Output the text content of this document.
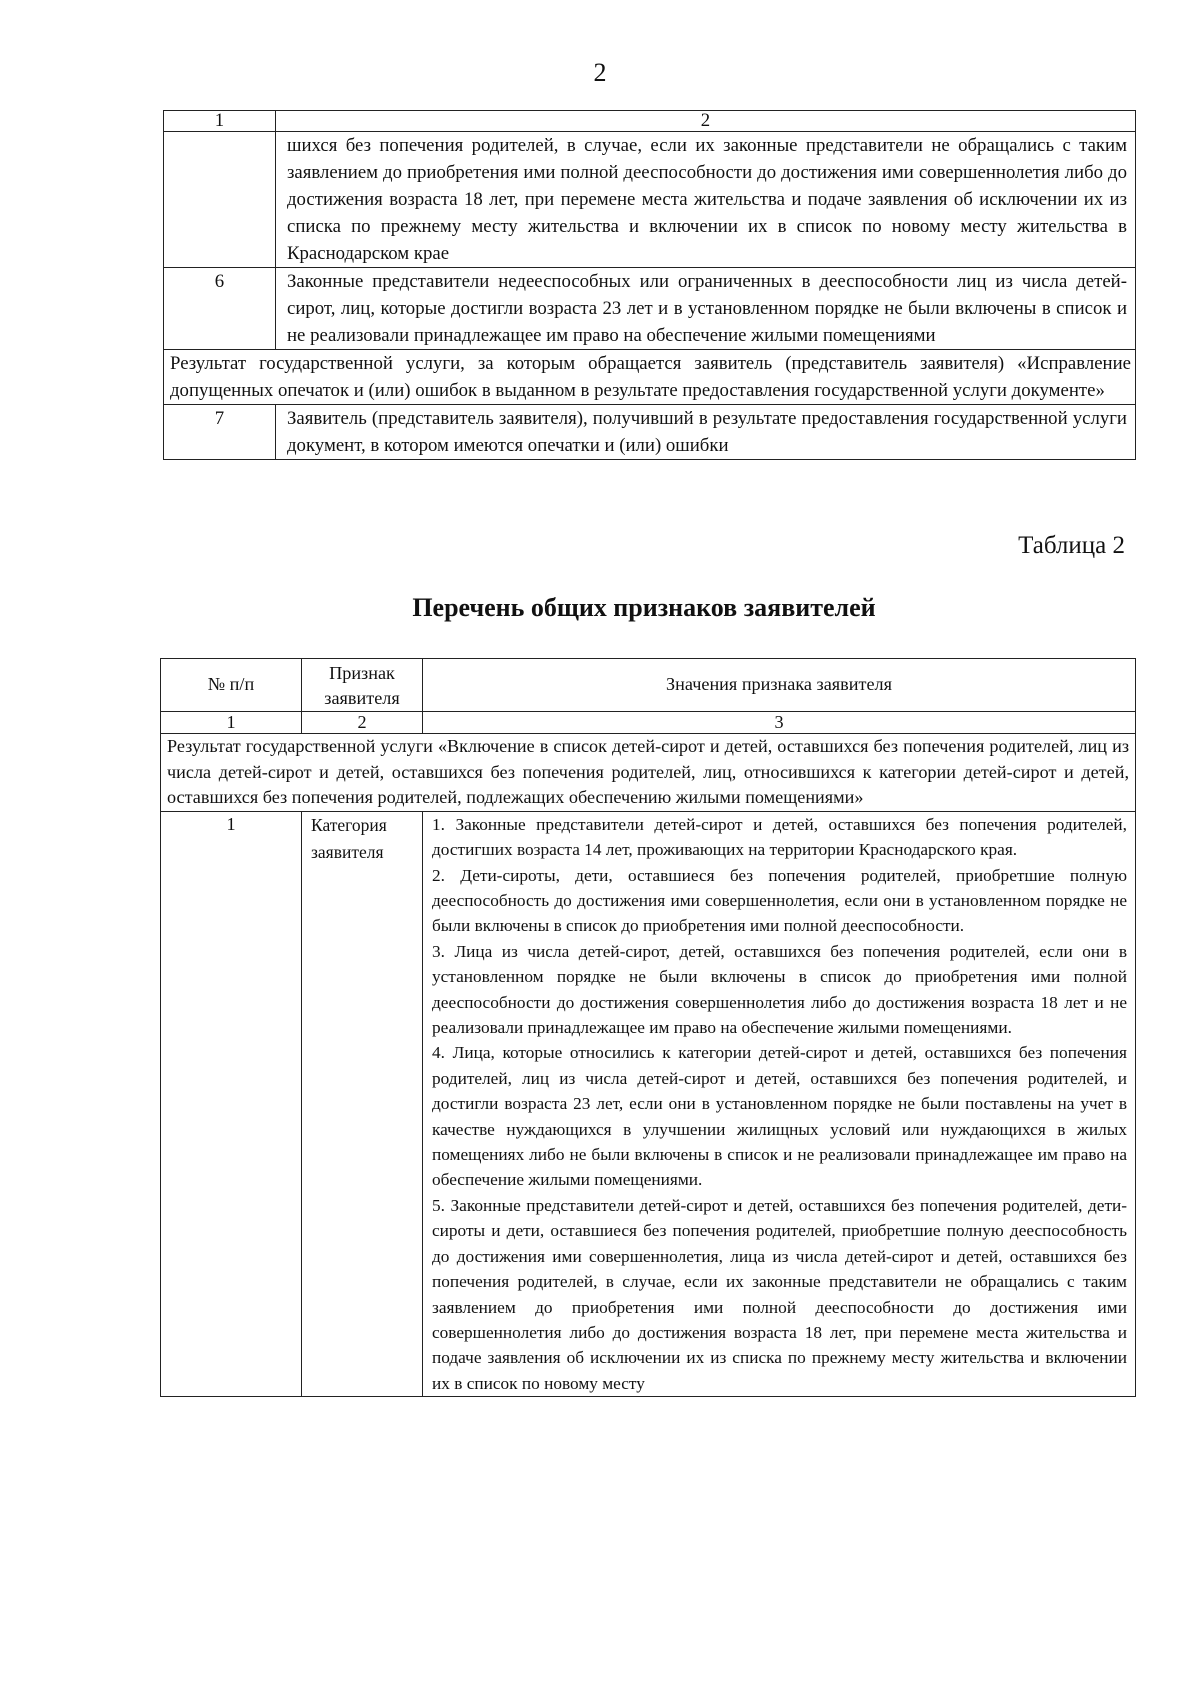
2
1	2
	шихся без попечения родителей, в случае, если их законные представители не обращались с таким заявлением до приобретения ими полной дееспособности до достижения ими совершеннолетия либо до достижения возраста 18 лет, при перемене места жительства и подаче заявления об исключении их из списка по прежнему месту жительства и включении их в список по новому месту жительства в Краснодарском крае
6	Законные представители недееспособных или ограниченных в дееспособности лиц из числа детей-сирот, лиц, которые достигли возраста 23 лет и в установленном порядке не были включены в список и не реализовали принадлежащее им право на обеспечение жилыми помещениями
Результат государственной услуги, за которым обращается заявитель (представитель заявителя) «Исправление допущенных опечаток и (или) ошибок в выданном в результате предоставления государственной услуги документе»	
7	Заявитель (представитель заявителя), получивший в результате предоставления государственной услуги документ, в котором имеются опечатки и (или) ошибки
Таблица 2
Перечень общих признаков заявителей
№ п/п	Признак заявителя	Значения признака заявителя
1	2	3
Результат государственной услуги «Включение в список детей-сирот и детей, оставшихся без попечения родителей, лиц из числа детей-сирот и детей, оставшихся без попечения родителей, лиц, относившихся к категории детей-сирот и детей, оставшихся без попечения родителей, подлежащих обеспечению жилыми помещениями»		
1	Категория заявителя	1. Законные представители детей-сирот и детей, оставшихся без попечения родителей, достигших возраста 14 лет, проживающих на территории Краснодарского края.
2. Дети-сироты, дети, оставшиеся без попечения родителей, приобретшие полную дееспособность до достижения ими совершеннолетия, если они в установленном порядке не были включены в список до приобретения ими полной дееспособности.
3. Лица из числа детей-сирот, детей, оставшихся без попечения родителей, если они в установленном порядке не были включены в список до приобретения ими полной дееспособности до достижения совершеннолетия либо до достижения возраста 18 лет и не реализовали принадлежащее им право на обеспечение жилыми помещениями.
4. Лица, которые относились к категории детей-сирот и детей, оставшихся без попечения родителей, лиц из числа детей-сирот и детей, оставшихся без попечения родителей, и достигли возраста 23 лет, если они в установленном порядке не были поставлены на учет в качестве нуждающихся в улучшении жилищных условий или нуждающихся в жилых помещениях либо не были включены в список и не реализовали принадлежащее им право на обеспечение жилыми помещениями.
5. Законные представители детей-сирот и детей, оставшихся без попечения родителей, дети-сироты и дети, оставшиеся без попечения родителей, приобретшие полную дееспособность до достижения ими совершеннолетия, лица из числа детей-сирот и детей, оставшихся без попечения родителей, в случае, если их законные представители не обращались с таким заявлением до приобретения ими полной дееспособности до достижения ими совершеннолетия либо до достижения возраста 18 лет, при перемене места жительства и подаче заявления об исключении их из списка по прежнему месту жительства и включении их в список по новому месту
